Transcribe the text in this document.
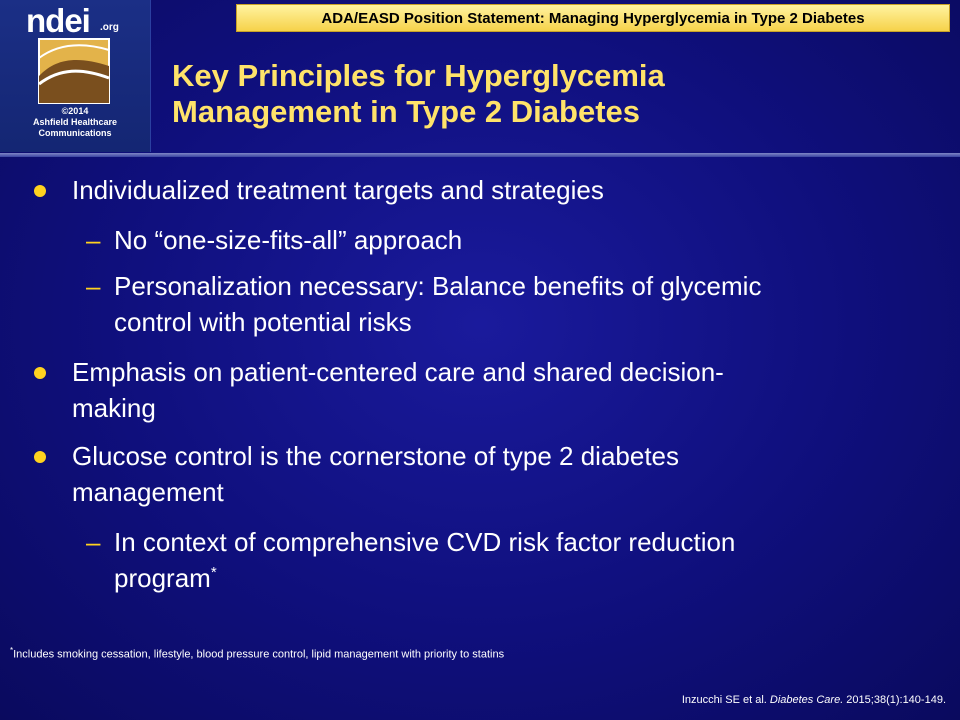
ndei .org
©2014
Ashfield Healthcare
Communications
ADA/EASD Position Statement: Managing Hyperglycemia in Type 2 Diabetes
Key Principles for Hyperglycemia
Management in Type 2 Diabetes
Individualized treatment targets and strategies
– No “one-size-fits-all” approach
– Personalization necessary: Balance benefits of glycemic
control with potential risks
Emphasis on patient-centered care and shared decision-
making
Glucose control is the cornerstone of type 2 diabetes
management
– In context of comprehensive CVD risk factor reduction
program*
*Includes smoking cessation, lifestyle, blood pressure control, lipid management with priority to statins
Inzucchi SE et al. Diabetes Care. 2015;38(1):140-149.
